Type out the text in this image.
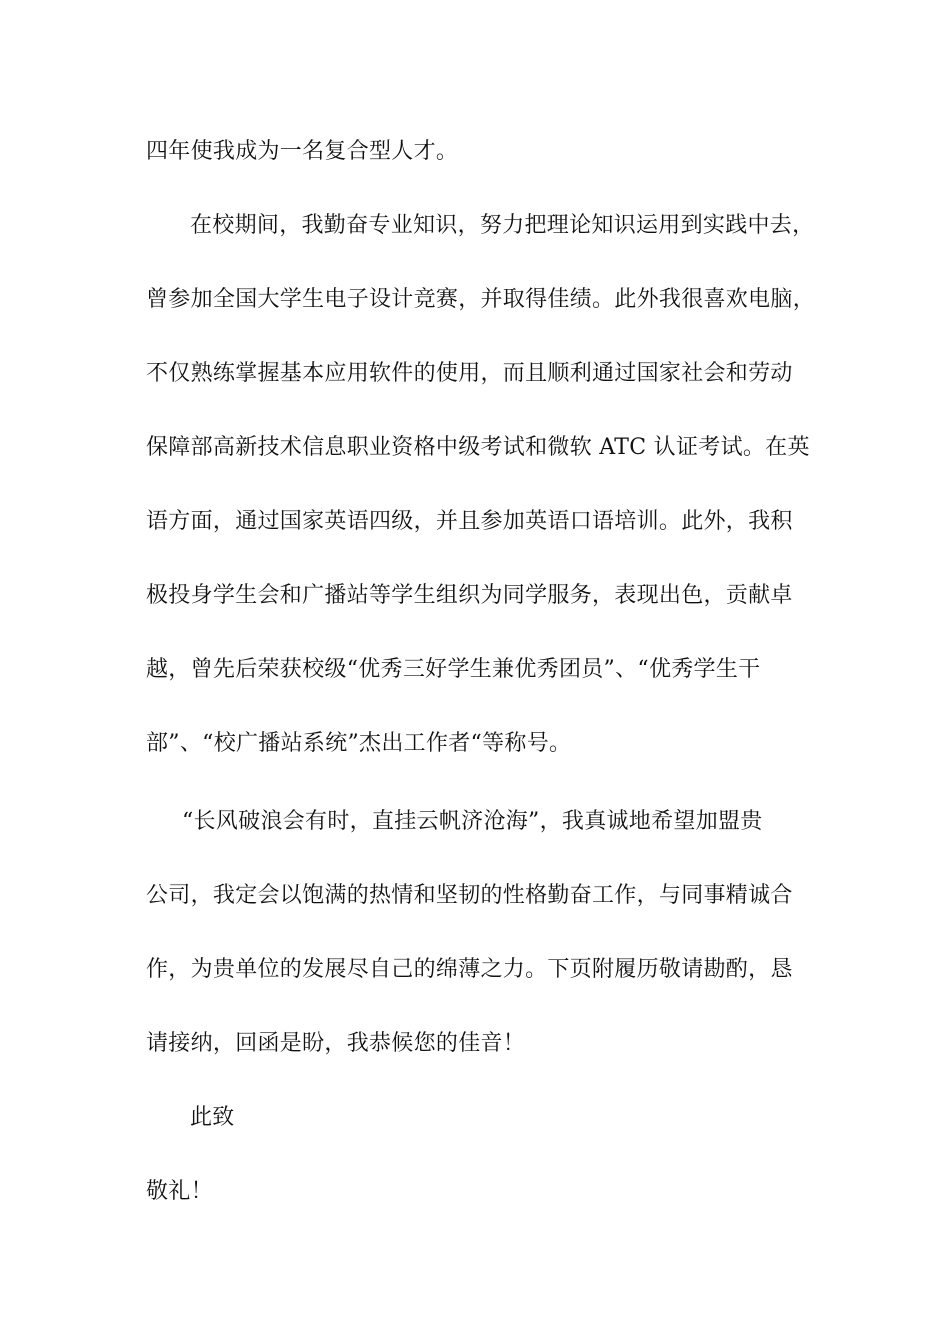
四年使我成为一名复合型人才。
在校期间，我勤奋专业知识，努力把理论知识运用到实践中去，
曾参加全国大学生电子设计竞赛，并取得佳绩。此外我很喜欢电脑，
不仅熟练掌握基本应用软件的使用，而且顺利通过国家社会和劳动
保障部高新技术信息职业资格中级考试和微软 ATC 认证考试。在英
语方面，通过国家英语四级，并且参加英语口语培训。此外，我积
极投身学生会和广播站等学生组织为同学服务，表现出色，贡献卓
越，曾先后荣获校级“优秀三好学生兼优秀团员”、“优秀学生干
部”、“校广播站系统”杰出工作者“等称号。
“长风破浪会有时，直挂云帆济沧海”，我真诚地希望加盟贵
公司，我定会以饱满的热情和坚韧的性格勤奋工作，与同事精诚合
作，为贵单位的发展尽自己的绵薄之力。下页附履历敬请勘酌，恳
请接纳，回函是盼，我恭候您的佳音！
此致
敬礼！
